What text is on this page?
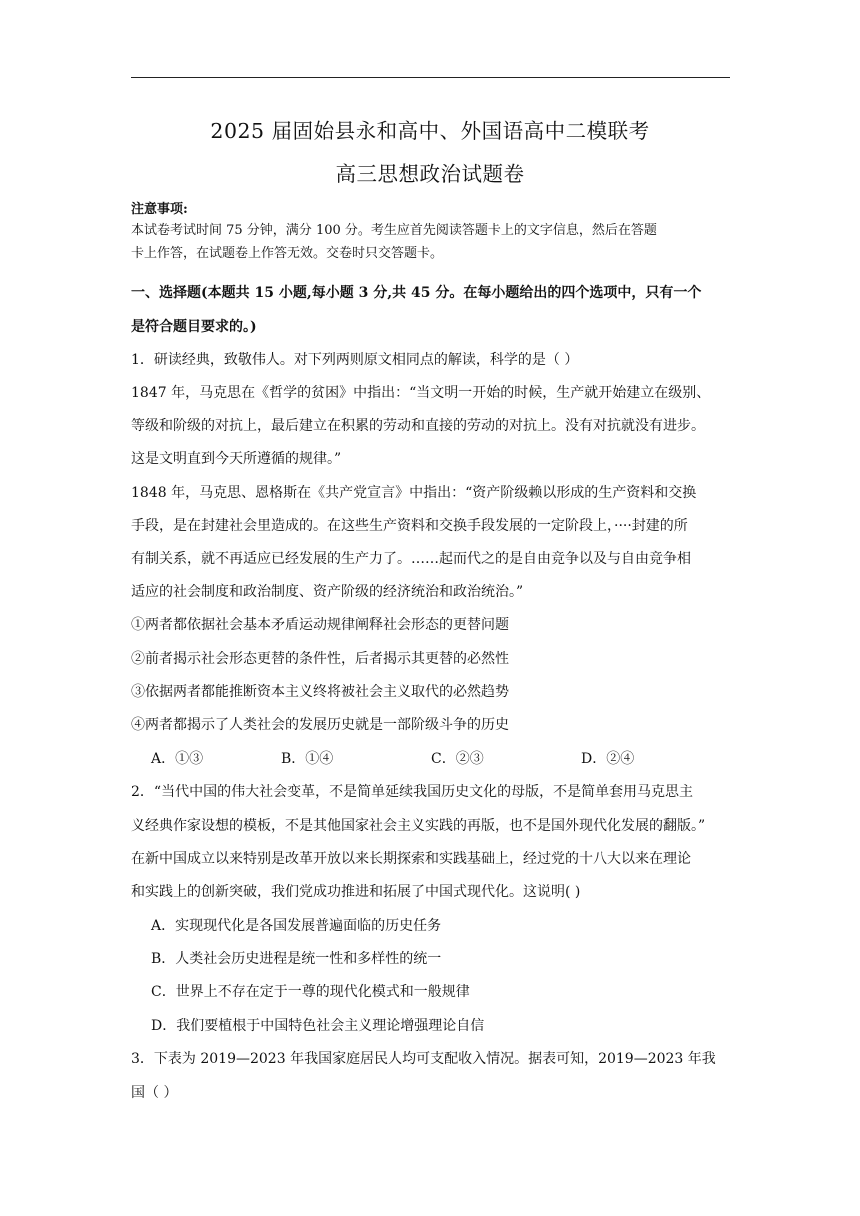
2025 届固始县永和高中、外国语高中二模联考
高三思想政治试题卷
注意事项:
本试卷考试时间 75 分钟，满分 100 分。考生应首先阅读答题卡上的文字信息，然后在答题
卡上作答，在试题卷上作答无效。交卷时只交答题卡。
一、选择题(本题共 15 小题,每小题 3 分,共 45 分。在每小题给出的四个选项中，只有一个
是符合题目要求的。)
1．研读经典，致敬伟人。对下列两则原文相同点的解读，科学的是（ ）
1847 年，马克思在《哲学的贫困》中指出：“当文明一开始的时候，生产就开始建立在级别、
等级和阶级的对抗上，最后建立在积累的劳动和直接的劳动的对抗上。没有对抗就没有进步。
这是文明直到今天所遵循的规律。”
1848 年，马克思、恩格斯在《共产党宣言》中指出：“资产阶级赖以形成的生产资料和交换
手段，是在封建社会里造成的。在这些生产资料和交换手段发展的一定阶段上，····封建的所
有制关系，就不再适应已经发展的生产力了。……起而代之的是自由竞争以及与自由竞争相
适应的社会制度和政治制度、资产阶级的经济统治和政治统治。”
①两者都依据社会基本矛盾运动规律阐释社会形态的更替问题
②前者揭示社会形态更替的条件性，后者揭示其更替的必然性
③依据两者都能推断资本主义终将被社会主义取代的必然趋势
④两者都揭示了人类社会的发展历史就是一部阶级斗争的历史
A．①③	B．①④	C．②③	D．②④
2．“当代中国的伟大社会变革，不是简单延续我国历史文化的母版，不是简单套用马克思主
义经典作家设想的模板，不是其他国家社会主义实践的再版，也不是国外现代化发展的翻版。”
在新中国成立以来特别是改革开放以来长期探索和实践基础上，经过党的十八大以来在理论
和实践上的创新突破，我们党成功推进和拓展了中国式现代化。这说明( )
A．实现现代化是各国发展普遍面临的历史任务
B．人类社会历史进程是统一性和多样性的统一
C．世界上不存在定于一尊的现代化模式和一般规律
D．我们要植根于中国特色社会主义理论增强理论自信
3．下表为 2019—2023 年我国家庭居民人均可支配收入情况。据表可知，2019—2023 年我
国（ ）
